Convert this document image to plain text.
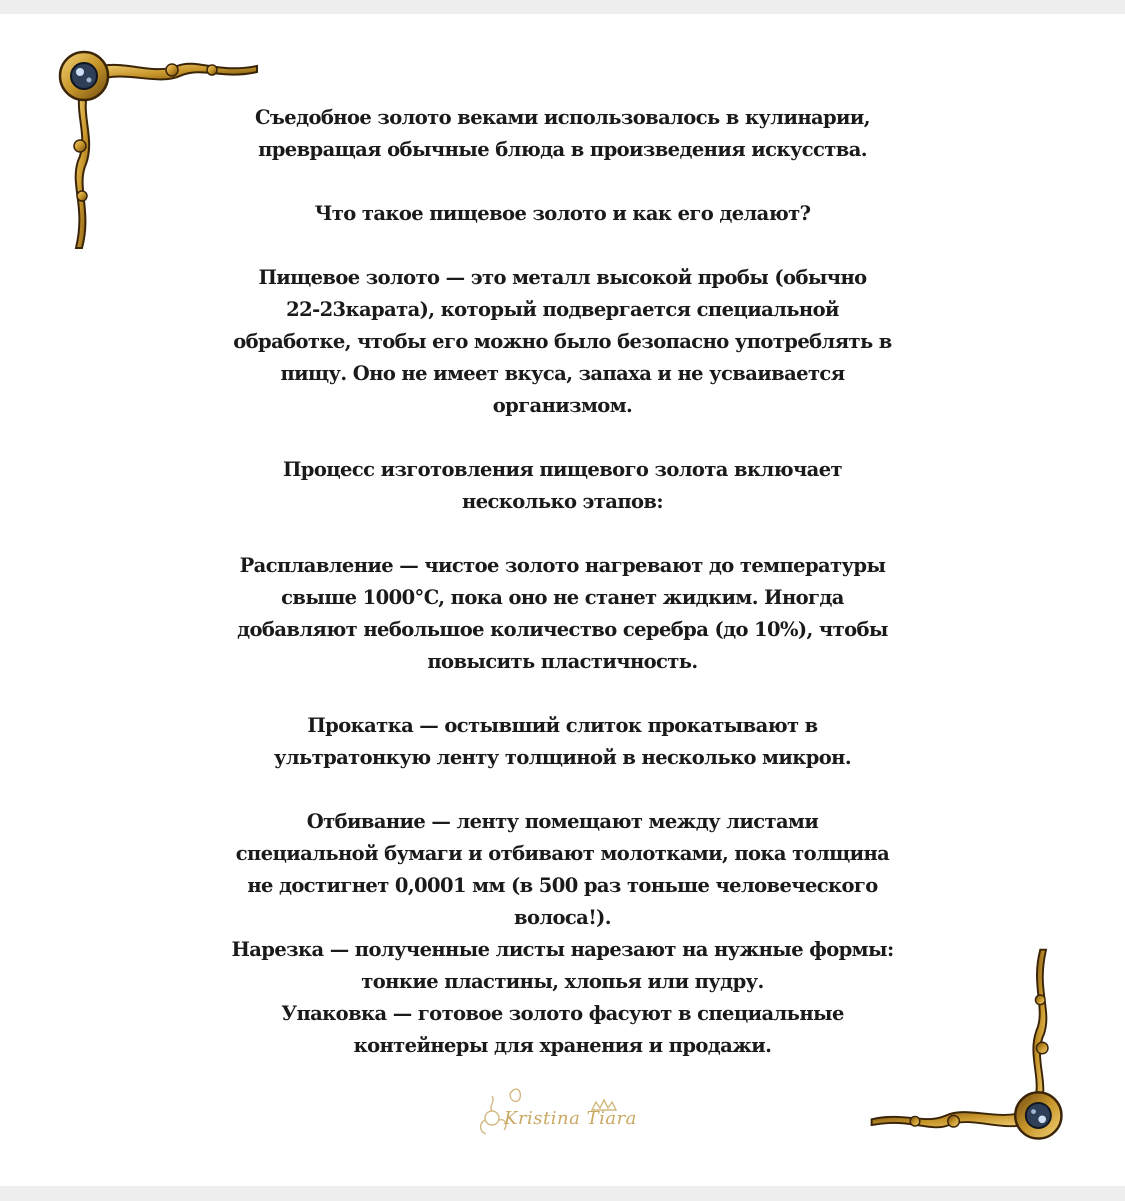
Съедобное золото веками использовалось в кулинарии,
превращая обычные блюда в произведения искусства.

Что такое пищевое золото и как его делают?

Пищевое золото — это металл высокой пробы (обычно
22-23карата), который подвергается специальной
обработке, чтобы его можно было безопасно употреблять в
пищу. Оно не имеет вкуса, запаха и не усваивается
организмом.

Процесс изготовления пищевого золота включает
несколько этапов:

Расплавление — чистое золото нагревают до температуры
свыше 1000°C, пока оно не станет жидким. Иногда
добавляют небольшое количество серебра (до 10%), чтобы
повысить пластичность.

Прокатка — остывший слиток прокатывают в
ультратонкую ленту толщиной в несколько микрон.

Отбивание — ленту помещают между листами
специальной бумаги и отбивают молотками, пока толщина
не достигнет 0,0001 мм (в 500 раз тоньше человеческого
волоса!).
Нарезка — полученные листы нарезают на нужные формы:
тонкие пластины, хлопья или пудру.
Упаковка — готовое золото фасуют в специальные
контейнеры для хранения и продажи.

Kristina Tiara
